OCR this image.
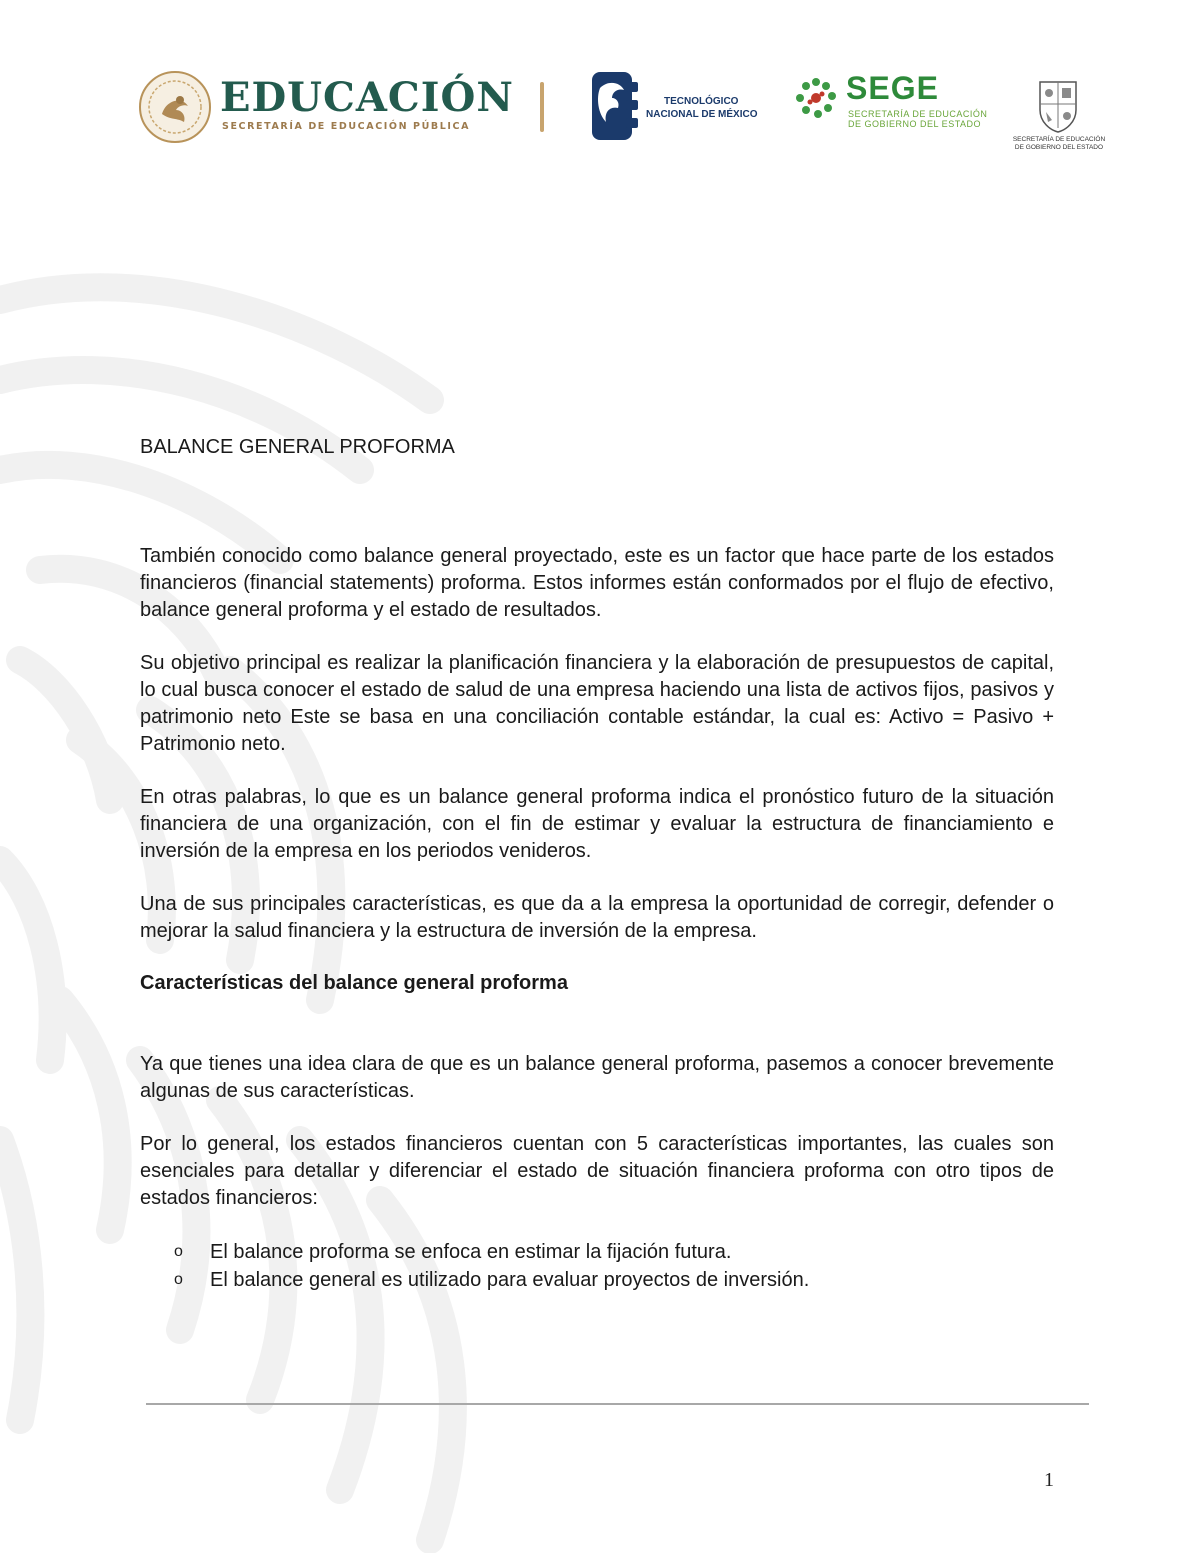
EDUCACIÓN
SECRETARÍA DE EDUCACIÓN PÚBLICA
TECNOLÓGICO
NACIONAL DE MÉXICO
SEGE
SECRETARÍA DE EDUCACIÓN
DE GOBIERNO DEL ESTADO
SECRETARÍA DE EDUCACIÓN
DE GOBIERNO DEL ESTADO
BALANCE GENERAL PROFORMA

También conocido como balance general proyectado, este es un factor que hace parte de los estados financieros (financial statements) proforma. Estos informes están conformados por el flujo de efectivo, balance general proforma y el estado de resultados.

Su objetivo principal es realizar la planificación financiera y la elaboración de presupuestos de capital, lo cual busca conocer el estado de salud de una empresa haciendo una lista de activos fijos, pasivos y patrimonio neto Este se basa en una conciliación contable estándar, la cual es: Activo = Pasivo + Patrimonio neto.

En otras palabras, lo que es un balance general proforma indica el pronóstico futuro de la situación financiera de una organización, con el fin de estimar y evaluar la estructura de financiamiento e inversión de la empresa en los periodos venideros.

Una de sus principales características, es que da a la empresa la oportunidad de corregir, defender o mejorar la salud financiera y la estructura de inversión de la empresa.

Características del balance general proforma

Ya que tienes una idea clara de que es un balance general proforma, pasemos a conocer brevemente algunas de sus características.

Por lo general, los estados financieros cuentan con 5 características importantes, las cuales son esenciales para detallar y diferenciar el estado de situación financiera proforma con otro tipos de estados financieros:

o El balance proforma se enfoca en estimar la fijación futura.
o El balance general es utilizado para evaluar proyectos de inversión.
1
